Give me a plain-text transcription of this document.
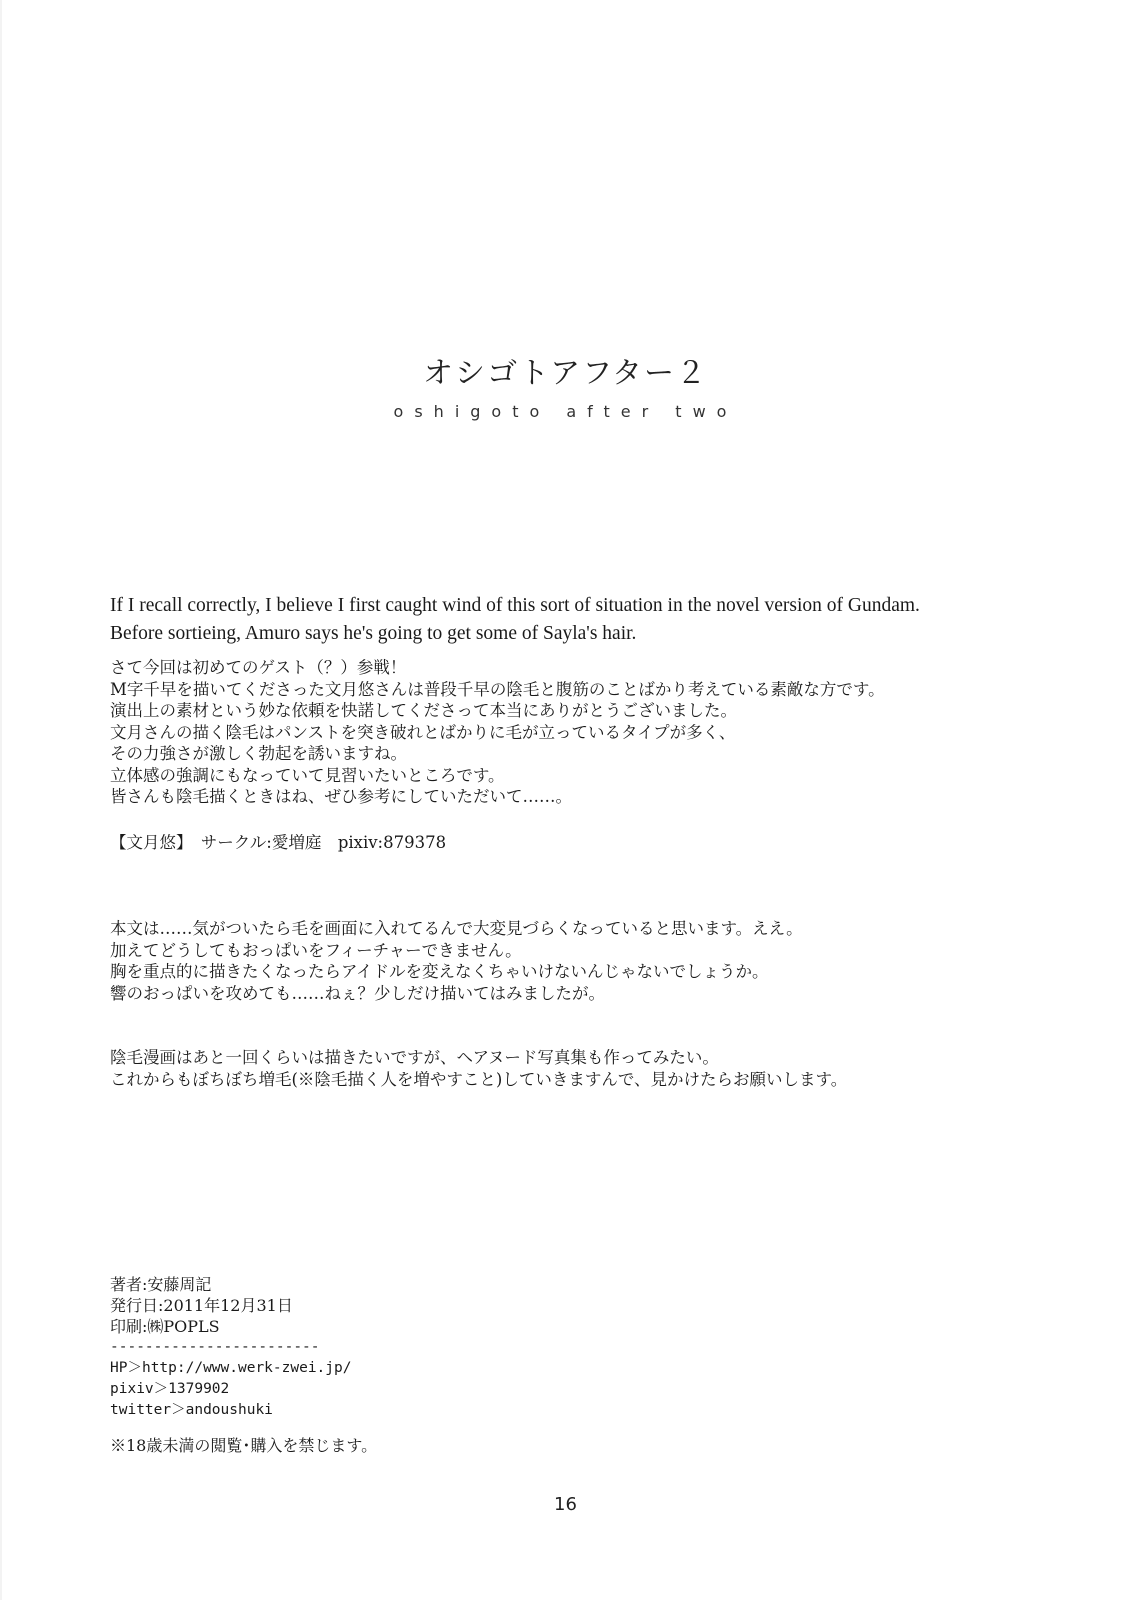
オシゴトアフター２
oshigoto after two
If I recall correctly, I believe I first caught wind of this sort of situation in the novel version of Gundam.
Before sortieing, Amuro says he's going to get some of Sayla's hair.
さて今回は初めてのゲスト（？）参戦！
M字千早を描いてくださった文月悠さんは普段千早の陰毛と腹筋のことばかり考えている素敵な方です。
演出上の素材という妙な依頼を快諾してくださって本当にありがとうございました。
文月さんの描く陰毛はパンストを突き破れとばかりに毛が立っているタイプが多く、
その力強さが激しく勃起を誘いますね。
立体感の強調にもなっていて見習いたいところです。
皆さんも陰毛描くときはね、ぜひ参考にしていただいて……。
【文月悠】　サークル:愛増庭　pixiv:879378
本文は……気がついたら毛を画面に入れてるんで大変見づらくなっていると思います。ええ。
加えてどうしてもおっぱいをフィーチャーできません。
胸を重点的に描きたくなったらアイドルを変えなくちゃいけないんじゃないでしょうか。
響のおっぱいを攻めても……ねぇ？少しだけ描いてはみましたが。
陰毛漫画はあと一回くらいは描きたいですが、ヘアヌード写真集も作ってみたい。
これからもぼちぼち増毛(※陰毛描く人を増やすこと)していきますんで、見かけたらお願いします。
著者:安藤周記
発行日:2011年12月31日
印刷:㈱POPLS
------------------------
HP＞http://www.werk-zwei.jp/
pixiv＞1379902
twitter＞andoushuki
※18歳未満の閲覧･購入を禁じます。
16
